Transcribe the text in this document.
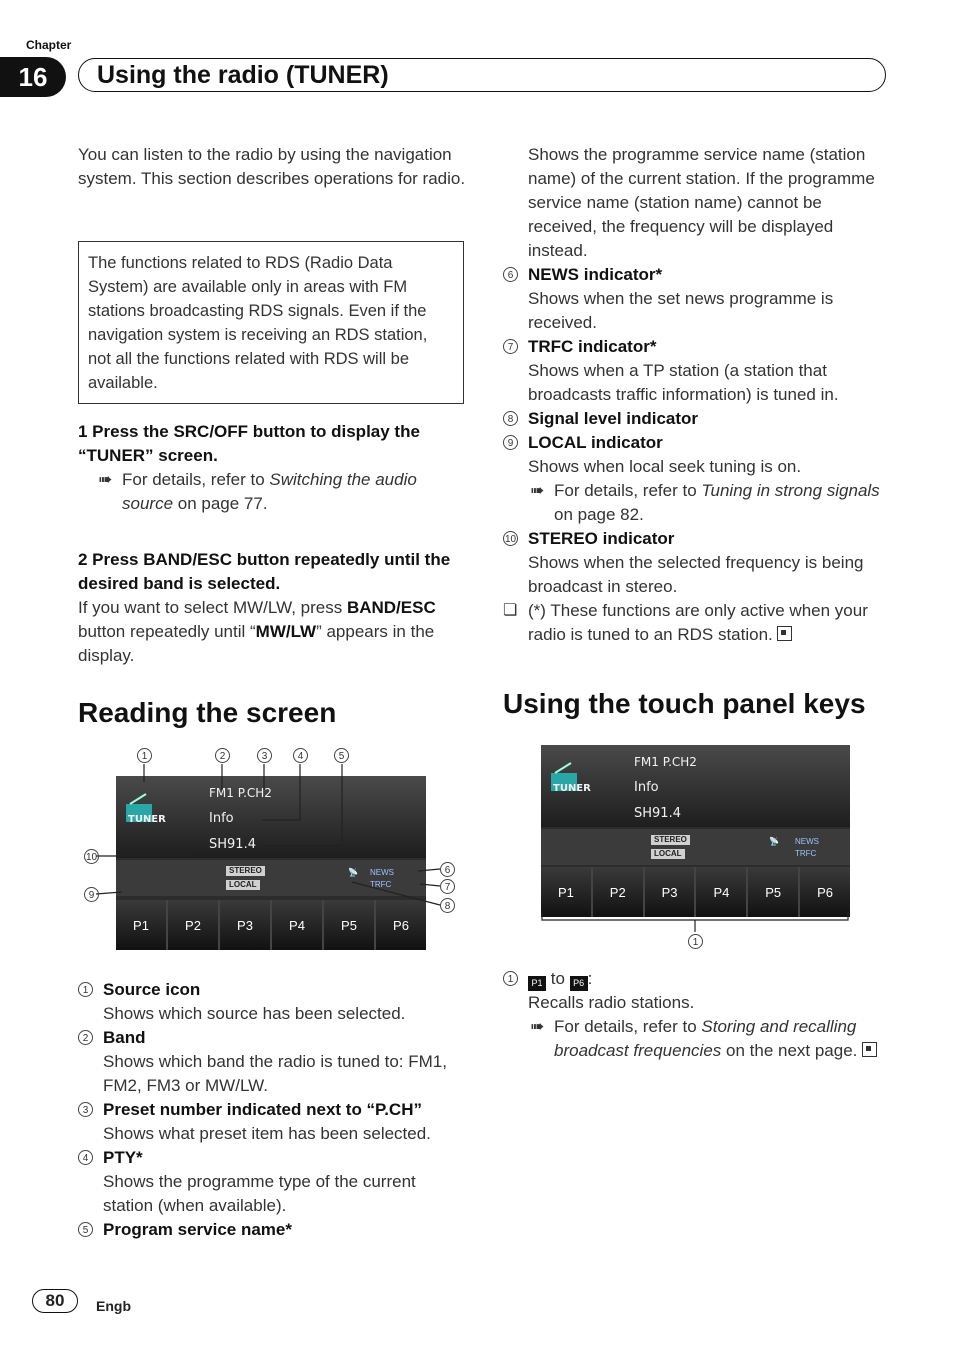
Chapter
16	Using the radio (TUNER)

You can listen to the radio by using the navigation system. This section describes operations for radio.

The functions related to RDS (Radio Data System) are available only in areas with FM stations broadcasting RDS signals. Even if the navigation system is receiving an RDS station, not all the functions related with RDS will be available.

1 Press the SRC/OFF button to display the “TUNER” screen.

➠ For details, refer to Switching the audio source on page 77.

2 Press BAND/ESC button repeatedly until the desired band is selected.

If you want to select MW/LW, press BAND/ESC button repeatedly until “MW/LW” appears in the display.

Reading the screen
TUNER
FM1 P.CH2
Info
SH91.4
STEREO
LOCAL
📡 NEWS
TRFC
P1	P2	P3	P4	P5	P6
1	2	3	4	5
6
7
8
9
10
1 Source icon

Shows which source has been selected.

2 Band

Shows which band the radio is tuned to: FM1, FM2, FM3 or MW/LW.

3 Preset number indicated next to “P.CH”

Shows what preset item has been selected.

4 PTY*

Shows the programme type of the current station (when available).

5 Program service name*

Shows the programme service name (station name) of the current station. If the programme service name (station name) cannot be received, the frequency will be displayed instead.

6 NEWS indicator*

Shows when the set news programme is received.

7 TRFC indicator*

Shows when a TP station (a station that broadcasts traffic information) is tuned in.

8 Signal level indicator

9 LOCAL indicator

Shows when local seek tuning is on.

➠ For details, refer to Tuning in strong signals on page 82.

10 STEREO indicator

Shows when the selected frequency is being broadcast in stereo.

❏ (*) These functions are only active when your radio is tuned to an RDS station.

Using the touch panel keys
TUNER
FM1 P.CH2
Info
SH91.4
STEREO
LOCAL
📡 NEWS
TRFC
P1	P2	P3	P4	P5	P6
1
1	P1 to P6 :

Recalls radio stations.

➠ For details, refer to Storing and recalling broadcast frequencies on the next page.

80	Engb
